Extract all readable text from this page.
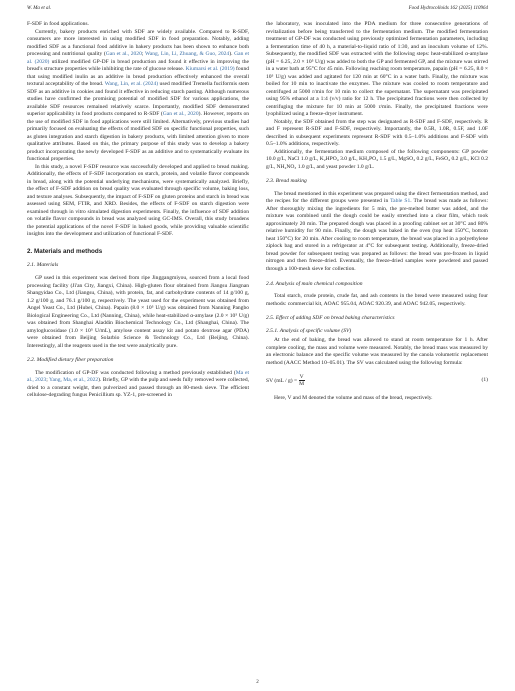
W. Ma et al.	Food Hydrocolloids 162 (2025) 110964

F-SDF in food applications.

Currently, bakery products enriched with SDF are widely available. Compared to R-SDF, consumers are more interested in using modified SDF in food preparation. Notably, adding modified SDF as a functional food additive in bakery products has been shown to enhance both processing and nutritional quality (Gan et al., 2020; Wang, Lin, Li, Zhuang, & Guo, 2024). Gan et al. (2020) utilized modified GP-DF in bread production and found it effective in improving the bread's structure properties while inhibiting the rate of glucose release. Kiumarsi et al. (2019) found that using modified inulin as an additive in bread production effectively enhanced the overall textural acceptability of the bread. Wang, Lin, et al. (2024) used modified Tremella fuciformis stem SDF as an additive in cookies and found it effective in reducing starch pasting. Although numerous studies have confirmed the promising potential of modified SDF for various applications, the available SDF resources remained relatively scarce. Importantly, modified SDF demonstrated superior applicability in food products compared to R-SDF (Gan et al., 2020). However, reports on the use of modified SDF in food applications were still limited. Alternatively, previous studies had primarily focused on evaluating the effects of modified SDF on specific functional properties, such as gluten integration and starch digestion in bakery products, with limited attention given to more qualitative attributes. Based on this, the primary purpose of this study was to develop a bakery product incorporating the newly developed F-SDF as an additive and to systematically evaluate its functional properties.

In this study, a novel F-SDF resource was successfully developed and applied to bread making. Additionally, the effects of F-SDF incorporation on starch, protein, and volatile flavor compounds in bread, along with the potential underlying mechanisms, were systematically analyzed. Briefly, the effect of F-SDF addition on bread quality was evaluated through specific volume, baking loss, and texture analyses. Subsequently, the impact of F-SDF on gluten proteins and starch in bread was assessed using SEM, FTIR, and XRD. Besides, the effects of F-SDF on starch digestion were examined through in vitro simulated digestion experiments. Finally, the influence of SDF addition on volatile flavor compounds in bread was analyzed using GC-IMS. Overall, this study broadens the potential applications of the novel F-SDF in baked goods, while providing valuable scientific insights into the development and utilization of functional F-SDF.

2. Materials and methods
2.1. Materials

GP used in this experiment was derived from ripe Jinggangmiyou, sourced from a local food processing facility (Ji'an City, Jiangxi, China). High-gluten flour obtained from Jiangsu Jiangnan Shangyidao Co., Ltd (Jiangsu, China), with protein, fat, and carbohydrate contents of 14 g/100 g, 1.2 g/100 g, and 76.1 g/100 g, respectively. The yeast used for the experiment was obtained from Angel Yeast Co., Ltd (Hubei, China). Papain (8.0 × 10⁵ U/g) was obtained from Nanning Pangbo Biological Engineering Co., Ltd (Nanning, China), while heat-stabilized α-amylase (2.0 × 10⁵ U/g) was obtained from Shanghai Aladdin Biochemical Technology Co., Ltd (Shanghai, China). The amyloglucosidase (1.0 × 10⁵ U/mL), amylose content assay kit and potato dextrose agar (PDA) were obtained from Beijing Solarbio Science & Technology Co., Ltd (Beijing, China). Interestingly, all the reagents used in the test were analytically pure.

2.2. Modified dietary fiber preparation

The modification of GP-DF was conducted following a method previously established (Ma et al., 2023; Yang, Ma, et al., 2022). Briefly, GP with the pulp and seeds fully removed were collected, dried to a constant weight, then pulverized and passed through an 80-mesh sieve. The efficient cellulose-degrading fungus Penicillium sp. YZ-1, pre-screened in

the laboratory, was inoculated into the PDA medium for three consecutive generations of revitalization before being transferred to the fermentation medium. The modified fermentation treatment of GP-DF was conducted using previously optimized fermentation parameters, including a fermentation time of 40 h, a material-to-liquid ratio of 1:30, and an inoculum volume of 12%. Subsequently, the modified SDF was extracted with the following steps: heat-stabilized α-amylase (pH = 6.25, 2.0 × 10⁵ U/g) was added to both the GP and fermented GP, and the mixture was stirred in a water bath at 95°C for 45 min. Following reaching room temperature, papain (pH = 6.25, 8.0 × 10⁵ U/g) was added and agitated for 120 min at 60°C in a water bath. Finally, the mixture was boiled for 10 min to inactivate the enzymes. The mixture was cooled to room temperature and centrifuged at 5000 r/min for 10 min to collect the supernatant. The supernatant was precipitated using 95% ethanol at a 1:4 (v/v) ratio for 12 h. The precipitated fractions were then collected by centrifuging the mixture for 10 min at 5000 r/min. Finally, the precipitated fractions were lyophilized using a freeze-dryer instrument.

Notably, the SDF obtained from the step was designated as R-SDF and F-SDF, respectively. R and F represent R-SDF and F-SDF, respectively. Importantly, the 0.5R, 1.0R, 0.5F, and 1.0F described in subsequent experiments represent R-SDF with 0.5–1.0% additions and F-SDF with 0.5–1.0% additions, respectively.

Additionally, the fermentation medium composed of the following components: GP powder 10.0 g/L, NaCl 1.0 g/L, K₂HPO₄ 3.0 g/L, KH₂PO₄ 1.5 g/L, MgSO₄ 0.2 g/L, FeSO₄ 0.2 g/L, KCl 0.2 g/L, NH₄NO₃ 1.0 g/L, and yeast powder 1.0 g/L.

2.3. Bread making

The bread mentioned in this experiment was prepared using the direct fermentation method, and the recipes for the different groups were presented in Table S1. The bread was made as follows: After thoroughly mixing the ingredients for 5 min, the pre-melted butter was added, and the mixture was combined until the dough could be easily stretched into a clear film, which took approximately 20 min. The prepared dough was placed in a proofing cabinet set at 30°C and 80% relative humidity for 90 min. Finally, the dough was baked in the oven (top heat 150°C, bottom heat 150°C) for 20 min. After cooling to room temperature, the bread was placed in a polyethylene ziplock bag and stored in a refrigerator at 4°C for subsequent testing. Additionally, freeze-dried bread powder for subsequent testing was prepared as follows: the bread was pre-frozen in liquid nitrogen and then freeze-dried. Eventually, the freeze-dried samples were powdered and passed through a 100-mesh sieve for collection.

2.4. Analysis of main chemical composition

Total starch, crude protein, crude fat, and ash contents in the bread were measured using four methods: commercial kit, AOAC 955.04, AOAC 920.39, and AOAC 942.05, respectively.

2.5. Effect of adding SDF on bread baking characteristics
2.5.1. Analysis of specific volume (SV)

At the end of baking, the bread was allowed to stand at room temperature for 1 h. After complete cooling, the mass and volume were measured. Notably, the bread mass was measured by an electronic balance and the specific volume was measured by the canola volumetric replacement method (AACC Method 10–05.01). The SV was calculated using the following formula:

SV $(mL / g) = \frac{V}{M}$	(1)

Here, V and M denoted the volume and mass of the bread, respectively.

2
